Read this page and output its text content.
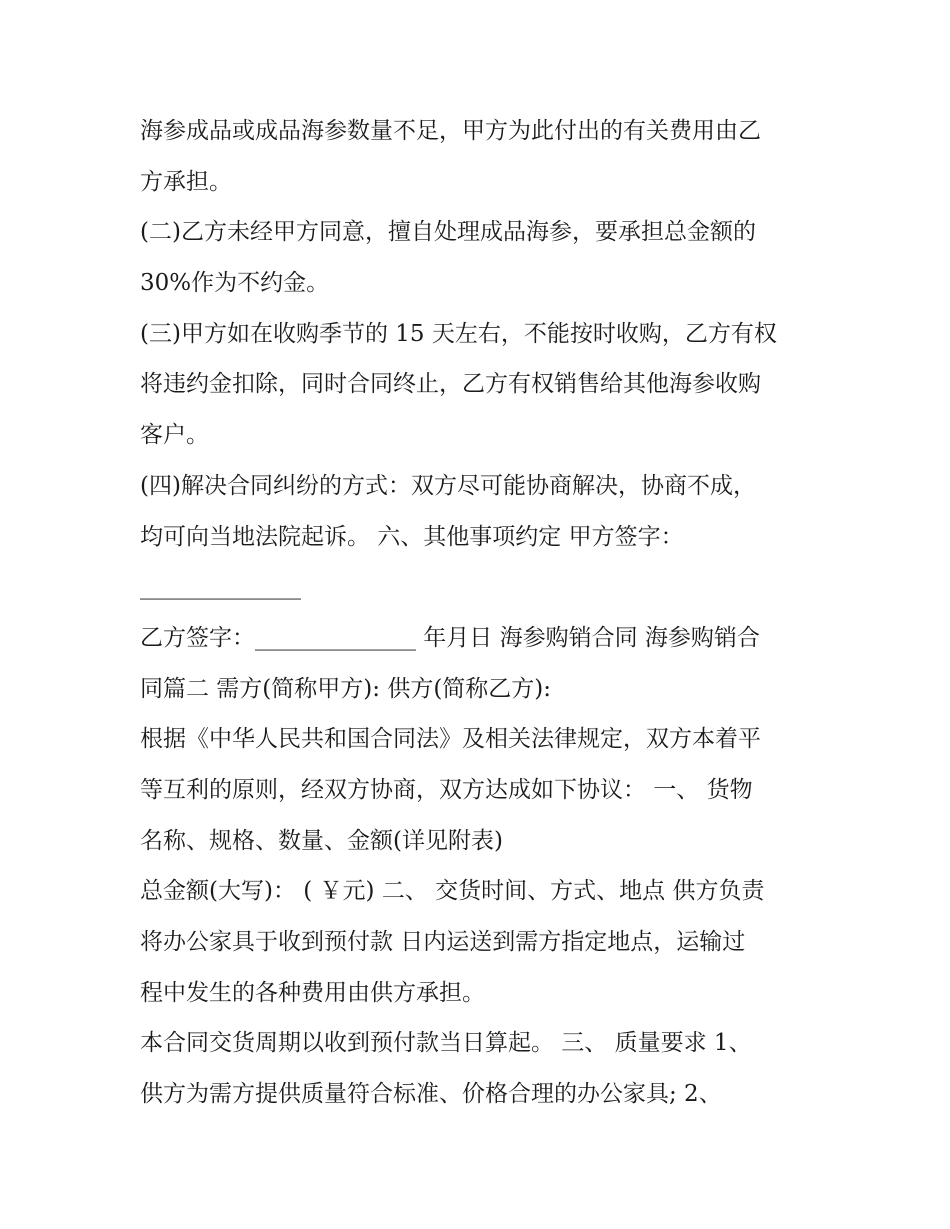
海参成品或成品海参数量不足，甲方为此付出的有关费用由乙
方承担。
(二)乙方未经甲方同意，擅自处理成品海参，要承担总金额的
30%作为不约金。
(三)甲方如在收购季节的 15 天左右，不能按时收购，乙方有权
将违约金扣除，同时合同终止，乙方有权销售给其他海参收购
客户。
(四)解决合同纠纷的方式：双方尽可能协商解决，协商不成，
均可向当地法院起诉。 六、其他事项约定 甲方签字：
______________
乙方签字：______________ 年月日 海参购销合同 海参购销合
同篇二 需方(简称甲方): 供方(简称乙方):
根据《中华人民共和国合同法》及相关法律规定，双方本着平
等互利的原则，经双方协商，双方达成如下协议： 一、 货物
名称、规格、数量、金额(详见附表)
总金额(大写)： ( ￥元) 二、 交货时间、方式、地点 供方负责
将办公家具于收到预付款 日内运送到需方指定地点，运输过
程中发生的各种费用由供方承担。
本合同交货周期以收到预付款当日算起。 三、 质量要求 1、
供方为需方提供质量符合标准、价格合理的办公家具; 2、
